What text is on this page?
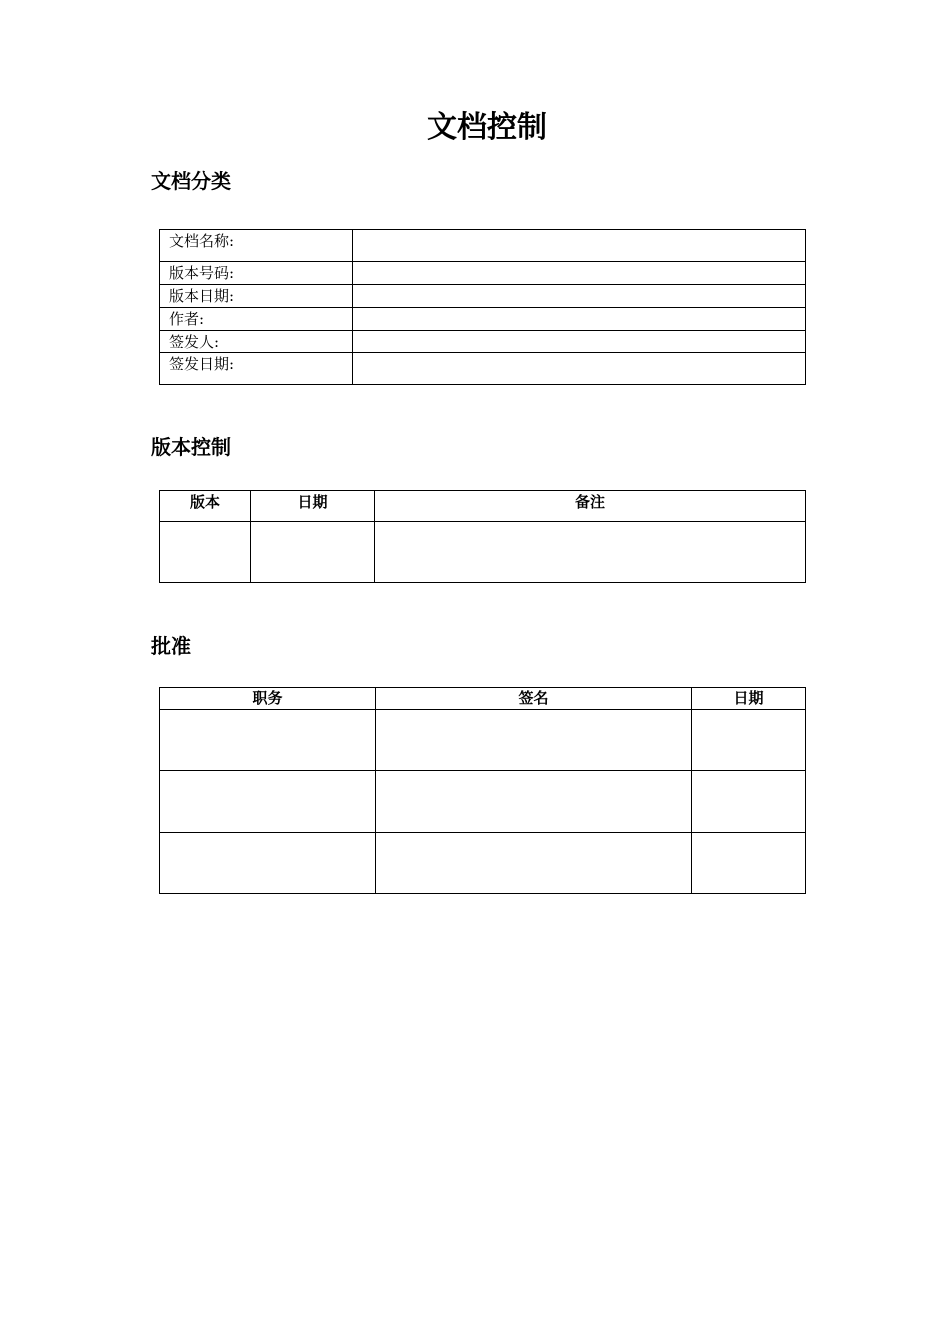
文档控制
文档分类
文档名称:	
版本号码:	
版本日期:	
作者:	
签发人:	
签发日期:	
版本控制
版本	日期	备注

批准
职务	签名	日期
